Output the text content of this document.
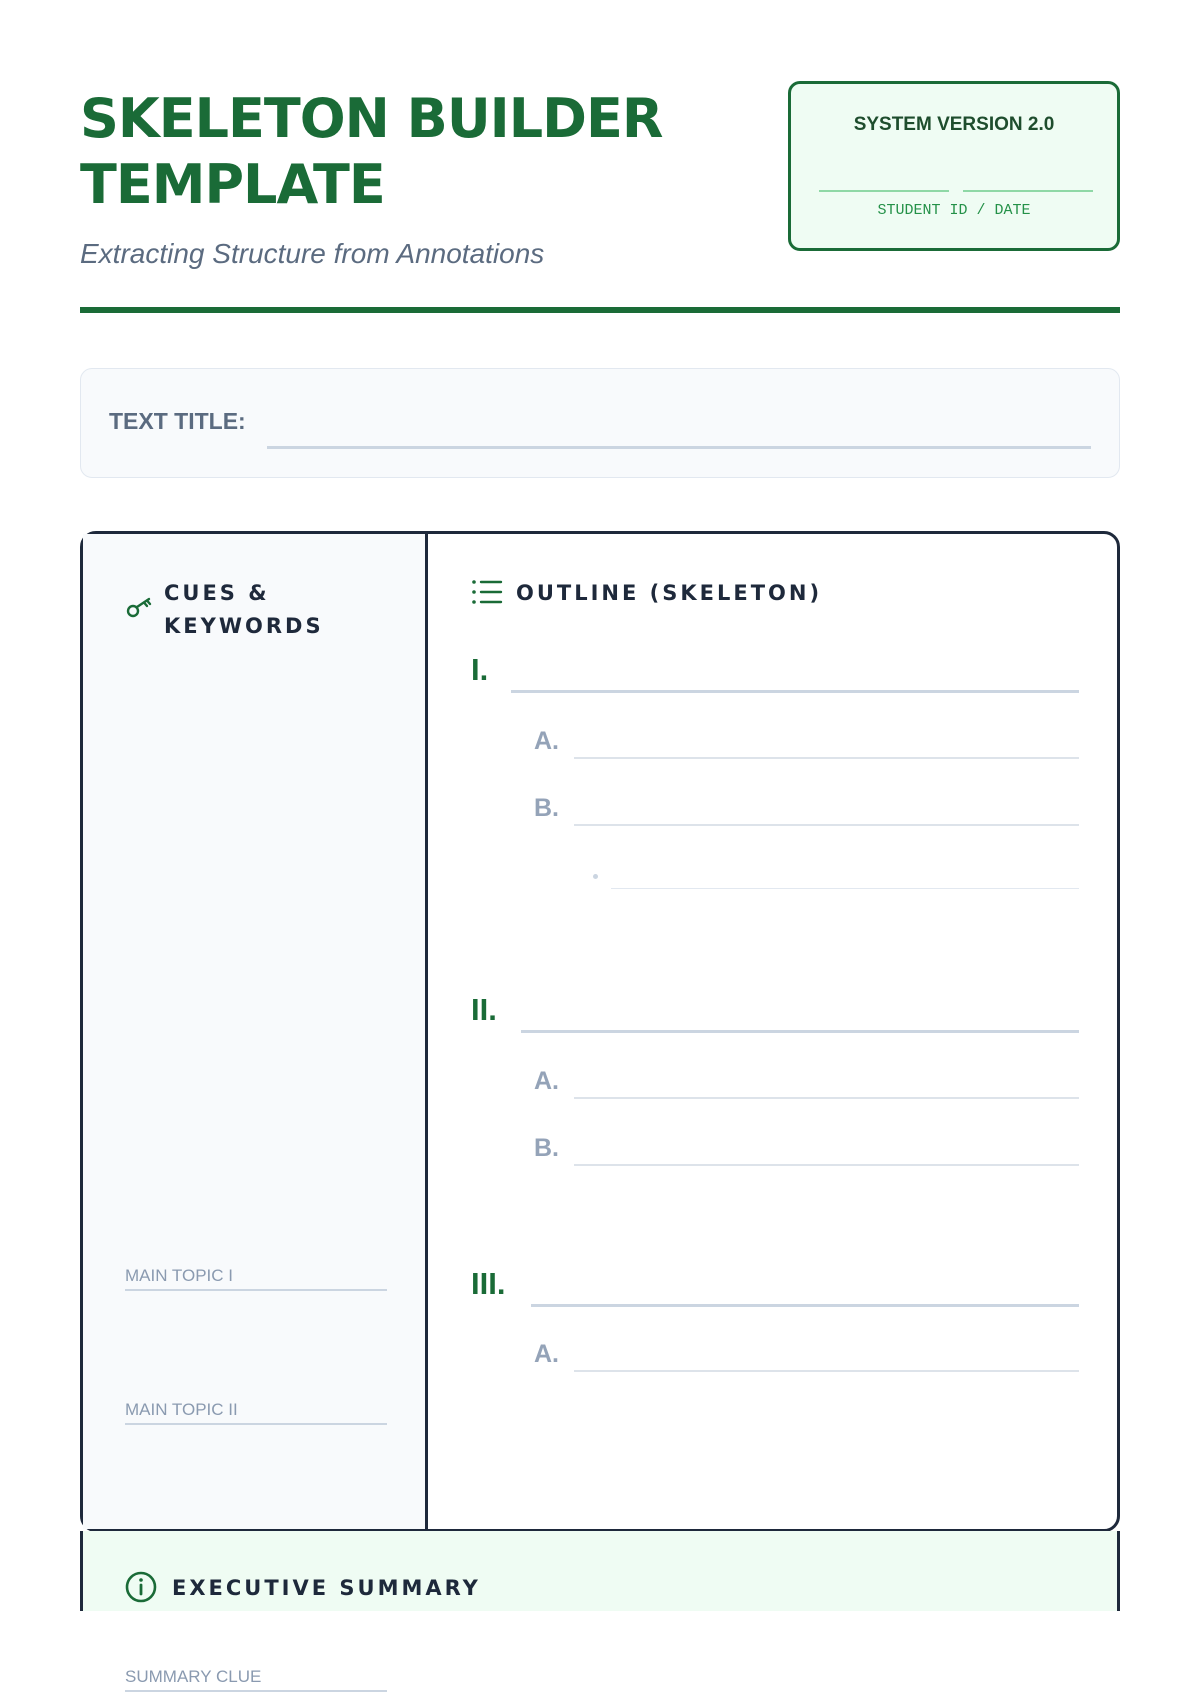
SKELETON BUILDER
TEMPLATE
Extracting Structure from Annotations
SYSTEM VERSION 2.0
STUDENT ID / DATE
TEXT TITLE:
CUES &
KEYWORDS
MAIN TOPIC I
MAIN TOPIC II
SUMMARY CLUE
OUTLINE (SKELETON)
I.
A.
B.
II.
A.
B.
III.
A.
EXECUTIVE SUMMARY
